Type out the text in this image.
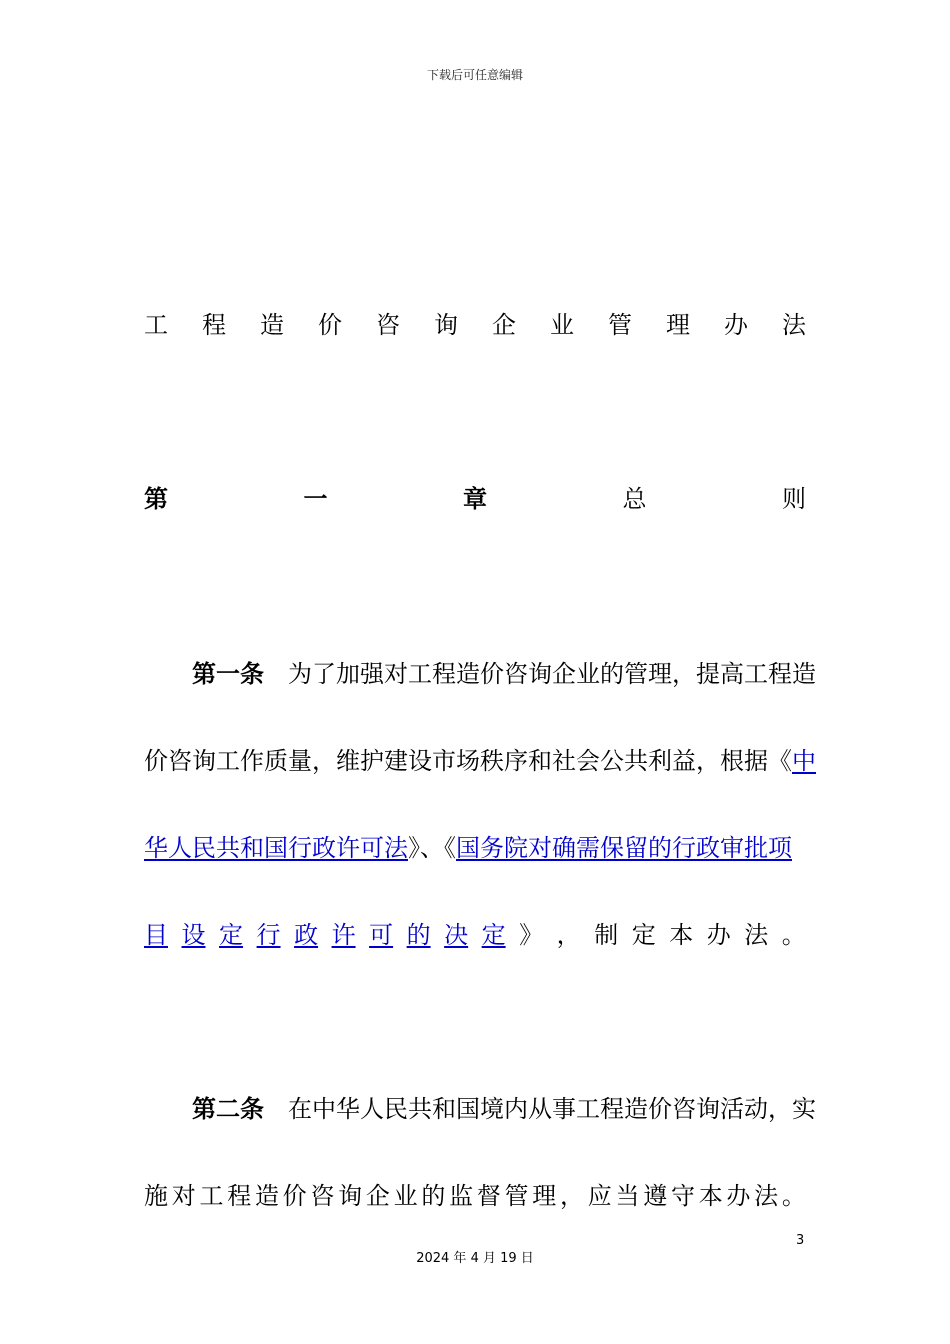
下载后可任意编辑
工 程 造 价 咨 询 企 业 管 理 办 法
第	一	章	总	则
第一条 为了加强对工程造价咨询企业的管理，提高工程造
价咨询工作质量，维护建设市场秩序和社会公共利益，根据《中
华人民共和国行政许可法》、《国务院对确需保留的行政审批项
目 设 定 行 政 许 可 的 决 定 》 ， 制 定 本 办 法 。
第二条 在中华人民共和国境内从事工程造价咨询活动，实
施 对 工 程 造 价 咨 询 企 业 的 监 督 管 理 ， 应 当 遵 守 本 办 法 。
3
2024 年 4 月 19 日
